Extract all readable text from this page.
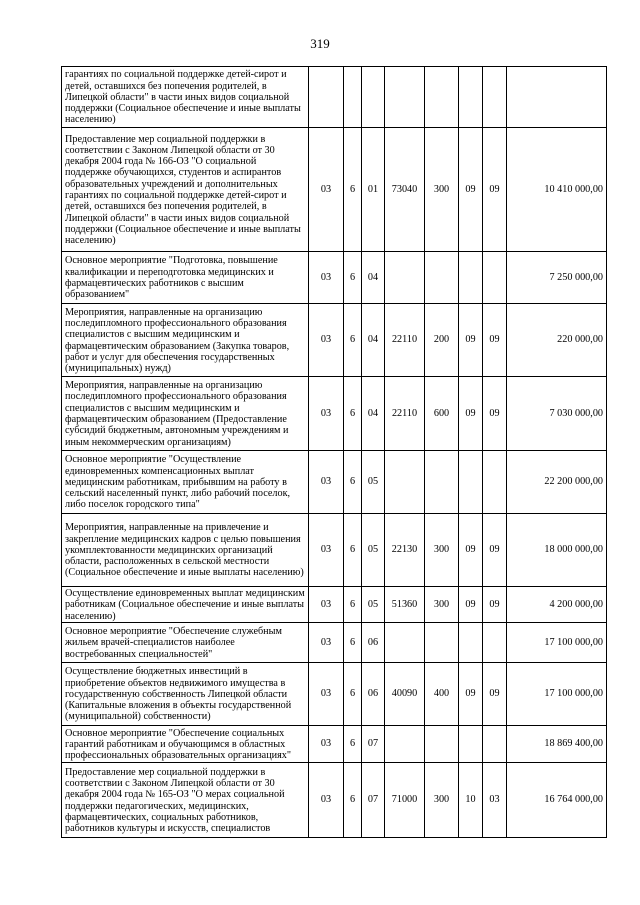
319
гарантиях по социальной поддержке детей-сирот и детей, оставшихся без попечения родителей, в Липецкой области" в части иных видов социальной поддержки (Социальное обеспечение и иные выплаты населению)								
Предоставление мер социальной поддержки в соответствии с Законом Липецкой области от 30 декабря 2004 года № 166-ОЗ "О социальной поддержке обучающихся, студентов и аспирантов образовательных учреждений и дополнительных гарантиях по социальной поддержке детей-сирот и детей, оставшихся без попечения родителей, в Липецкой области" в части иных видов социальной поддержки (Социальное обеспечение и иные выплаты населению)	03	6	01	73040	300	09	09	10 410 000,00
Основное мероприятие "Подготовка, повышение квалификации и переподготовка медицинских и фармацевтических работников с высшим образованием"	03	6	04					7 250 000,00
Мероприятия, направленные на организацию последипломного профессионального образования специалистов с высшим медицинским и фармацевтическим образованием (Закупка товаров, работ и услуг для обеспечения государственных (муниципальных) нужд)	03	6	04	22110	200	09	09	220 000,00
Мероприятия, направленные на организацию последипломного профессионального образования специалистов с высшим медицинским и фармацевтическим образованием (Предоставление субсидий бюджетным, автономным учреждениям и иным некоммерческим организациям)	03	6	04	22110	600	09	09	7 030 000,00
Основное мероприятие "Осуществление единовременных компенсационных выплат медицинским работникам, прибывшим на работу в сельский населенный пункт, либо рабочий поселок, либо поселок городского типа"	03	6	05					22 200 000,00
Мероприятия, направленные на привлечение и закрепление медицинских кадров с целью повышения укомплектованности медицинских организаций области, расположенных в сельской местности (Социальное обеспечение и иные выплаты населению)	03	6	05	22130	300	09	09	18 000 000,00
Осуществление единовременных выплат медицинским работникам (Социальное обеспечение и иные выплаты населению)	03	6	05	51360	300	09	09	4 200 000,00
Основное мероприятие "Обеспечение служебным жильем врачей-специалистов наиболее востребованных специальностей"	03	6	06					17 100 000,00
Осуществление бюджетных инвестиций в приобретение объектов недвижимого имущества в государственную собственность Липецкой области (Капитальные вложения в объекты государственной (муниципальной) собственности)	03	6	06	40090	400	09	09	17 100 000,00
Основное мероприятие "Обеспечение социальных гарантий работникам и обучающимся в областных профессиональных образовательных организациях"	03	6	07					18 869 400,00
Предоставление мер социальной поддержки в соответствии с Законом Липецкой области от 30 декабря 2004 года № 165-ОЗ "О мерах социальной поддержки педагогических, медицинских, фармацевтических, социальных работников, работников культуры и искусств, специалистов	03	6	07	71000	300	10	03	16 764 000,00
